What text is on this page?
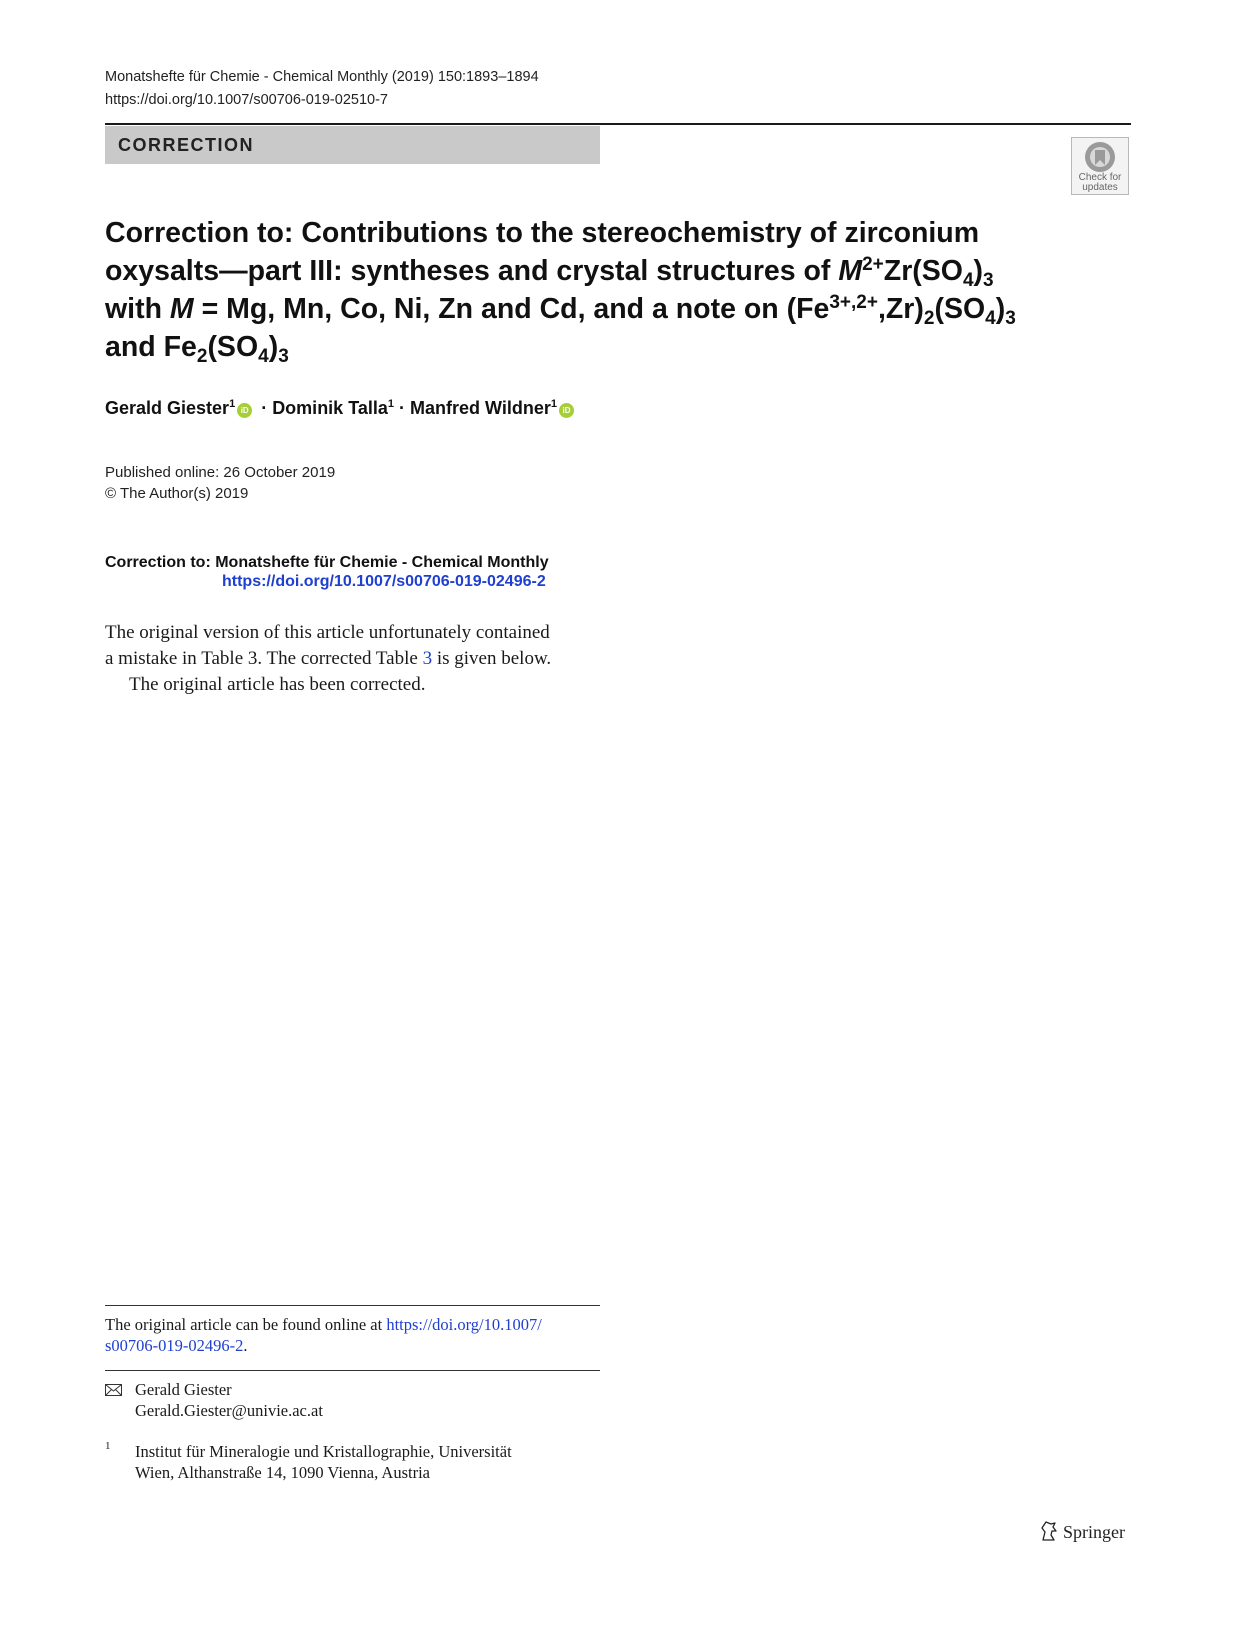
Monatshefte für Chemie - Chemical Monthly (2019) 150:1893–1894
https://doi.org/10.1007/s00706-019-02510-7
CORRECTION
Check for
updates
Correction to: Contributions to the stereochemistry of zirconium
oxysalts—part III: syntheses and crystal structures of $M^{2+}Zr(SO_4)_3$
with M = Mg, Mn, Co, Ni, Zn and Cd, and a note on $(Fe^{3+,2+},Zr)_2(SO_4)_3$
and $Fe_2(SO_4)_3$
Gerald Giester$^1$iD · Dominik Talla$^1$ · Manfred Wildner$^1$iD
Published online: 26 October 2019
© The Author(s) 2019
Correction to: Monatshefte für Chemie - Chemical Monthly
https://doi.org/10.1007/s00706-019-02496-2
The original version of this article unfortunately contained
a mistake in Table 3. The corrected Table 3 is given below.
The original article has been corrected.
The original article can be found online at https://doi.org/10.1007/
s00706-019-02496-2.
Gerald Giester
Gerald.Giester@univie.ac.at
1 Institut für Mineralogie und Kristallographie, Universität
Wien, Althanstraße 14, 1090 Vienna, Austria
Springer
